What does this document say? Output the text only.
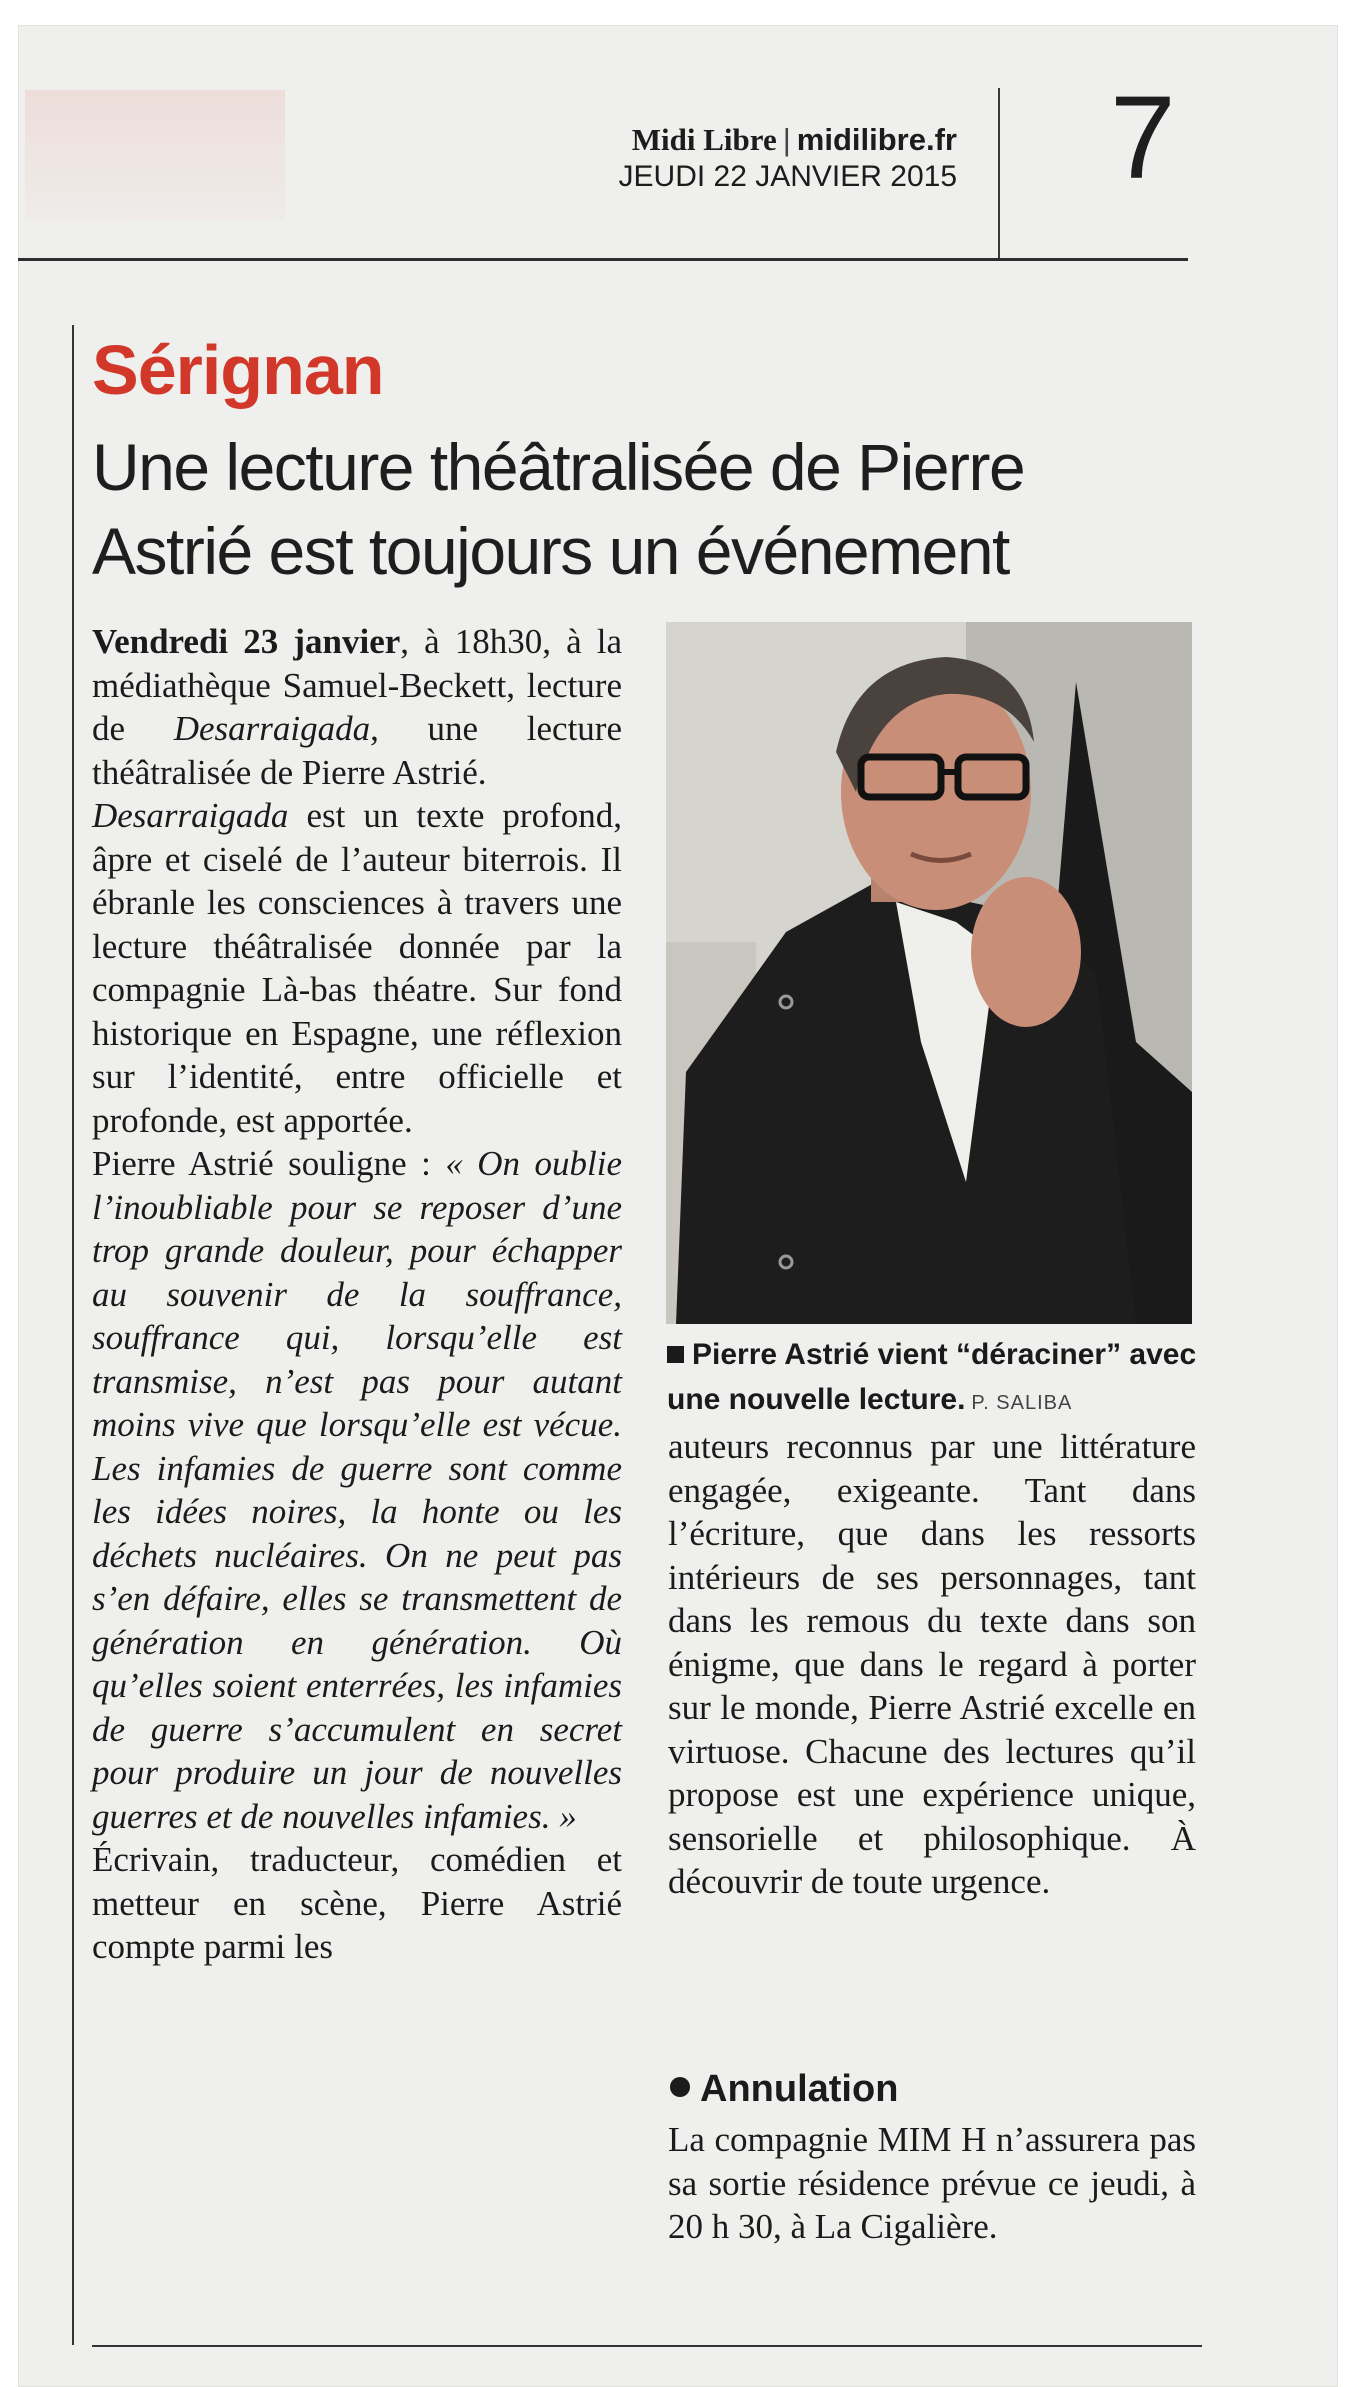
Midi Libre | midilibre.fr
JEUDI 22 JANVIER 2015 7
Sérignan
Une lecture théâtralisée de Pierre
Astrié est toujours un événement

Vendredi 23 janvier, à 18h30, à la médiathèque Samuel-Beckett, lecture de Desarraigada, une lecture théâtralisée de Pierre Astrié.

Desarraigada est un texte profond, âpre et ciselé de l’auteur biterrois. Il ébranle les consciences à travers une lecture théâtralisée donnée par la compagnie Là-bas théatre. Sur fond historique en Espagne, une réflexion sur l’identité, entre officielle et profonde, est apportée.

Pierre Astrié souligne : « On oublie l’inoubliable pour se reposer d’une trop grande douleur, pour échapper au souvenir de la souffrance, souffrance qui, lorsqu’elle est transmise, n’est pas pour autant moins vive que lorsqu’elle est vécue. Les infamies de guerre sont comme les idées noires, la honte ou les déchets nucléaires. On ne peut pas s’en défaire, elles se transmettent de génération en génération. Où qu’elles soient enterrées, les infamies de guerre s’accumulent en secret pour produire un jour de nouvelles guerres et de nouvelles infamies. »

Écrivain, traducteur, comédien et metteur en scène, Pierre Astrié compte parmi les

Pierre Astrié vient “déraciner” avec une nouvelle lecture. P. SALIBA

auteurs reconnus par une littérature engagée, exigeante. Tant dans l’écriture, que dans les ressorts intérieurs de ses personnages, tant dans les remous du texte dans son énigme, que dans le regard à porter sur le monde, Pierre Astrié excelle en virtuose. Chacune des lectures qu’il propose est une expérience unique, sensorielle et philosophique. À découvrir de toute urgence.

Annulation

La compagnie MIM H n’assurera pas sa sortie résidence prévue ce jeudi, à 20 h 30, à La Cigalière.
